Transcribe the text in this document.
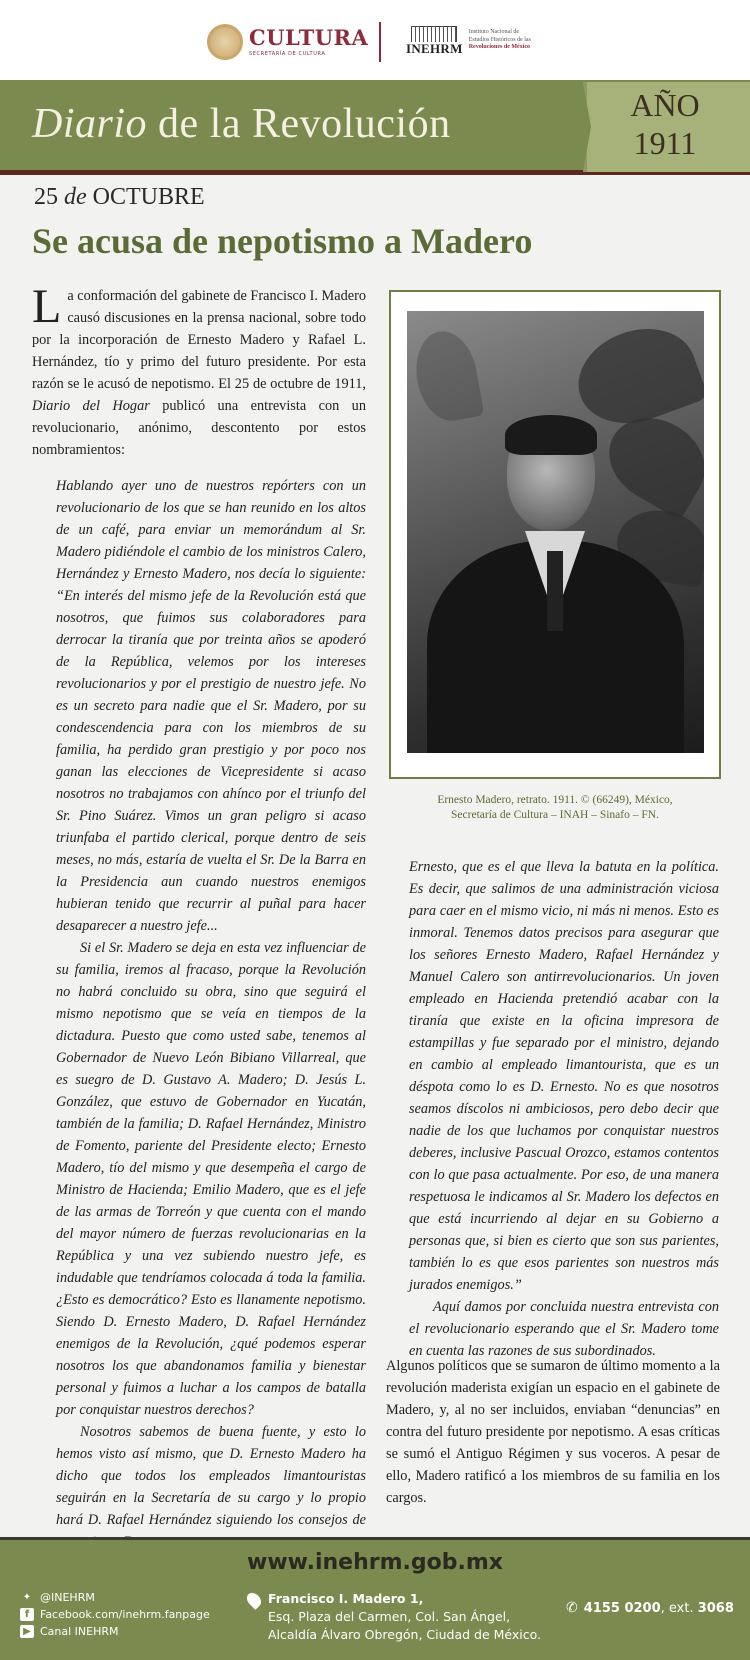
CULTURA
SECRETARÍA DE CULTURA	INEHRM
Instituto Nacional de
Estudios Históricos de las
Revoluciones de México
Diario de la Revolución	AÑO
1911
25 de OCTUBRE
Se acusa de nepotismo a Madero
La conformación del gabinete de Francisco I. Madero causó discusiones en la prensa nacional, sobre todo por la incorporación de Ernesto Madero y Rafael L. Hernández, tío y primo del futuro presidente. Por esta razón se le acusó de nepotismo. El 25 de octubre de 1911, Diario del Hogar publicó una entrevista con un revolucionario, anónimo, descontento por estos nombramientos:

Hablando ayer uno de nuestros repórters con un revolucionario de los que se han reunido en los altos de un café, para enviar un memorándum al Sr. Madero pidiéndole el cambio de los ministros Calero, Hernández y Ernesto Madero, nos decía lo siguiente: “En interés del mismo jefe de la Revolución está que nosotros, que fuimos sus colaboradores para derrocar la tiranía que por treinta años se apoderó de la República, velemos por los intereses revolucionarios y por el prestigio de nuestro jefe. No es un secreto para nadie que el Sr. Madero, por su condescendencia para con los miembros de su familia, ha perdido gran prestigio y por poco nos ganan las elecciones de Vicepresidente si acaso nosotros no trabajamos con ahínco por el triunfo del Sr. Pino Suárez. Vimos un gran peligro si acaso triunfaba el partido clerical, porque dentro de seis meses, no más, estaría de vuelta el Sr. De la Barra en la Presidencia aun cuando nuestros enemigos hubieran tenido que recurrir al puñal para hacer desaparecer a nuestro jefe...

Si el Sr. Madero se deja en esta vez influenciar de su familia, iremos al fracaso, porque la Revolución no habrá concluido su obra, sino que seguirá el mismo nepotismo que se veía en tiempos de la dictadura. Puesto que como usted sabe, tenemos al Gobernador de Nuevo León Bibiano Villarreal, que es suegro de D. Gustavo A. Madero; D. Jesús L. González, que estuvo de Gobernador en Yucatán, también de la familia; D. Rafael Hernández, Ministro de Fomento, pariente del Presidente electo; Ernesto Madero, tío del mismo y que desempeña el cargo de Ministro de Hacienda; Emilio Madero, que es el jefe de las armas de Torreón y que cuenta con el mando del mayor número de fuerzas revolucionarias en la República y una vez subiendo nuestro jefe, es indudable que tendríamos colocada á toda la familia. ¿Esto es democrático? Esto es llanamente nepotismo. Siendo D. Ernesto Madero, D. Rafael Hernández enemigos de la Revolución, ¿qué podemos esperar nosotros los que abandonamos familia y bienestar personal y fuimos a luchar a los campos de batalla por conquistar nuestros derechos?

Nosotros sabemos de buena fuente, y esto lo hemos visto así mismo, que D. Ernesto Madero ha dicho que todos los empleados limantouristas seguirán en la Secretaría de su cargo y lo propio hará D. Rafael Hernández siguiendo los consejos de

Ernesto Madero, retrato. 1911. © (66249), México,
Secretaría de Cultura – INAH – Sinafo – FN.

Ernesto, que es el que lleva la batuta en la política. Es decir, que salimos de una administración viciosa para caer en el mismo vicio, ni más ni menos. Esto es inmoral. Tenemos datos precisos para asegurar que los señores Ernesto Madero, Rafael Hernández y Manuel Calero son antirrevolucionarios. Un joven empleado en Hacienda pretendió acabar con la tiranía que existe en la oficina impresora de estampillas y fue separado por el ministro, dejando en cambio al empleado limantourista, que es un déspota como lo es D. Ernesto. No es que nosotros seamos díscolos ni ambiciosos, pero debo decir que nadie de los que luchamos por conquistar nuestros deberes, inclusive Pascual Orozco, estamos contentos con lo que pasa actualmente. Por eso, de una manera respetuosa le indicamos al Sr. Madero los defectos en que está incurriendo al dejar en su Gobierno a personas que, si bien es cierto que son sus parientes, también lo es que esos parientes son nuestros más jurados enemigos.”

Aquí damos por concluida nuestra entrevista con el revolucionario esperando que el Sr. Madero tome en cuenta las razones de sus subordinados.

Algunos políticos que se sumaron de último momento a la revolución maderista exigían un espacio en el gabinete de Madero, y, al no ser incluidos, enviaban “denuncias” en contra del futuro presidente por nepotismo. A esas críticas se sumó el Antiguo Régimen y sus voceros. A pesar de ello, Madero ratificó a los miembros de su familia en los cargos.
www.inehrm.gob.mx
✦ @INEHRM
f Facebook.com/inehrm.fanpage
▶ Canal INEHRM
Francisco I. Madero 1,
Esq. Plaza del Carmen, Col. San Ángel,
Alcaldía Álvaro Obregón, Ciudad de México.
✆ 4155 0200, ext. 3068
